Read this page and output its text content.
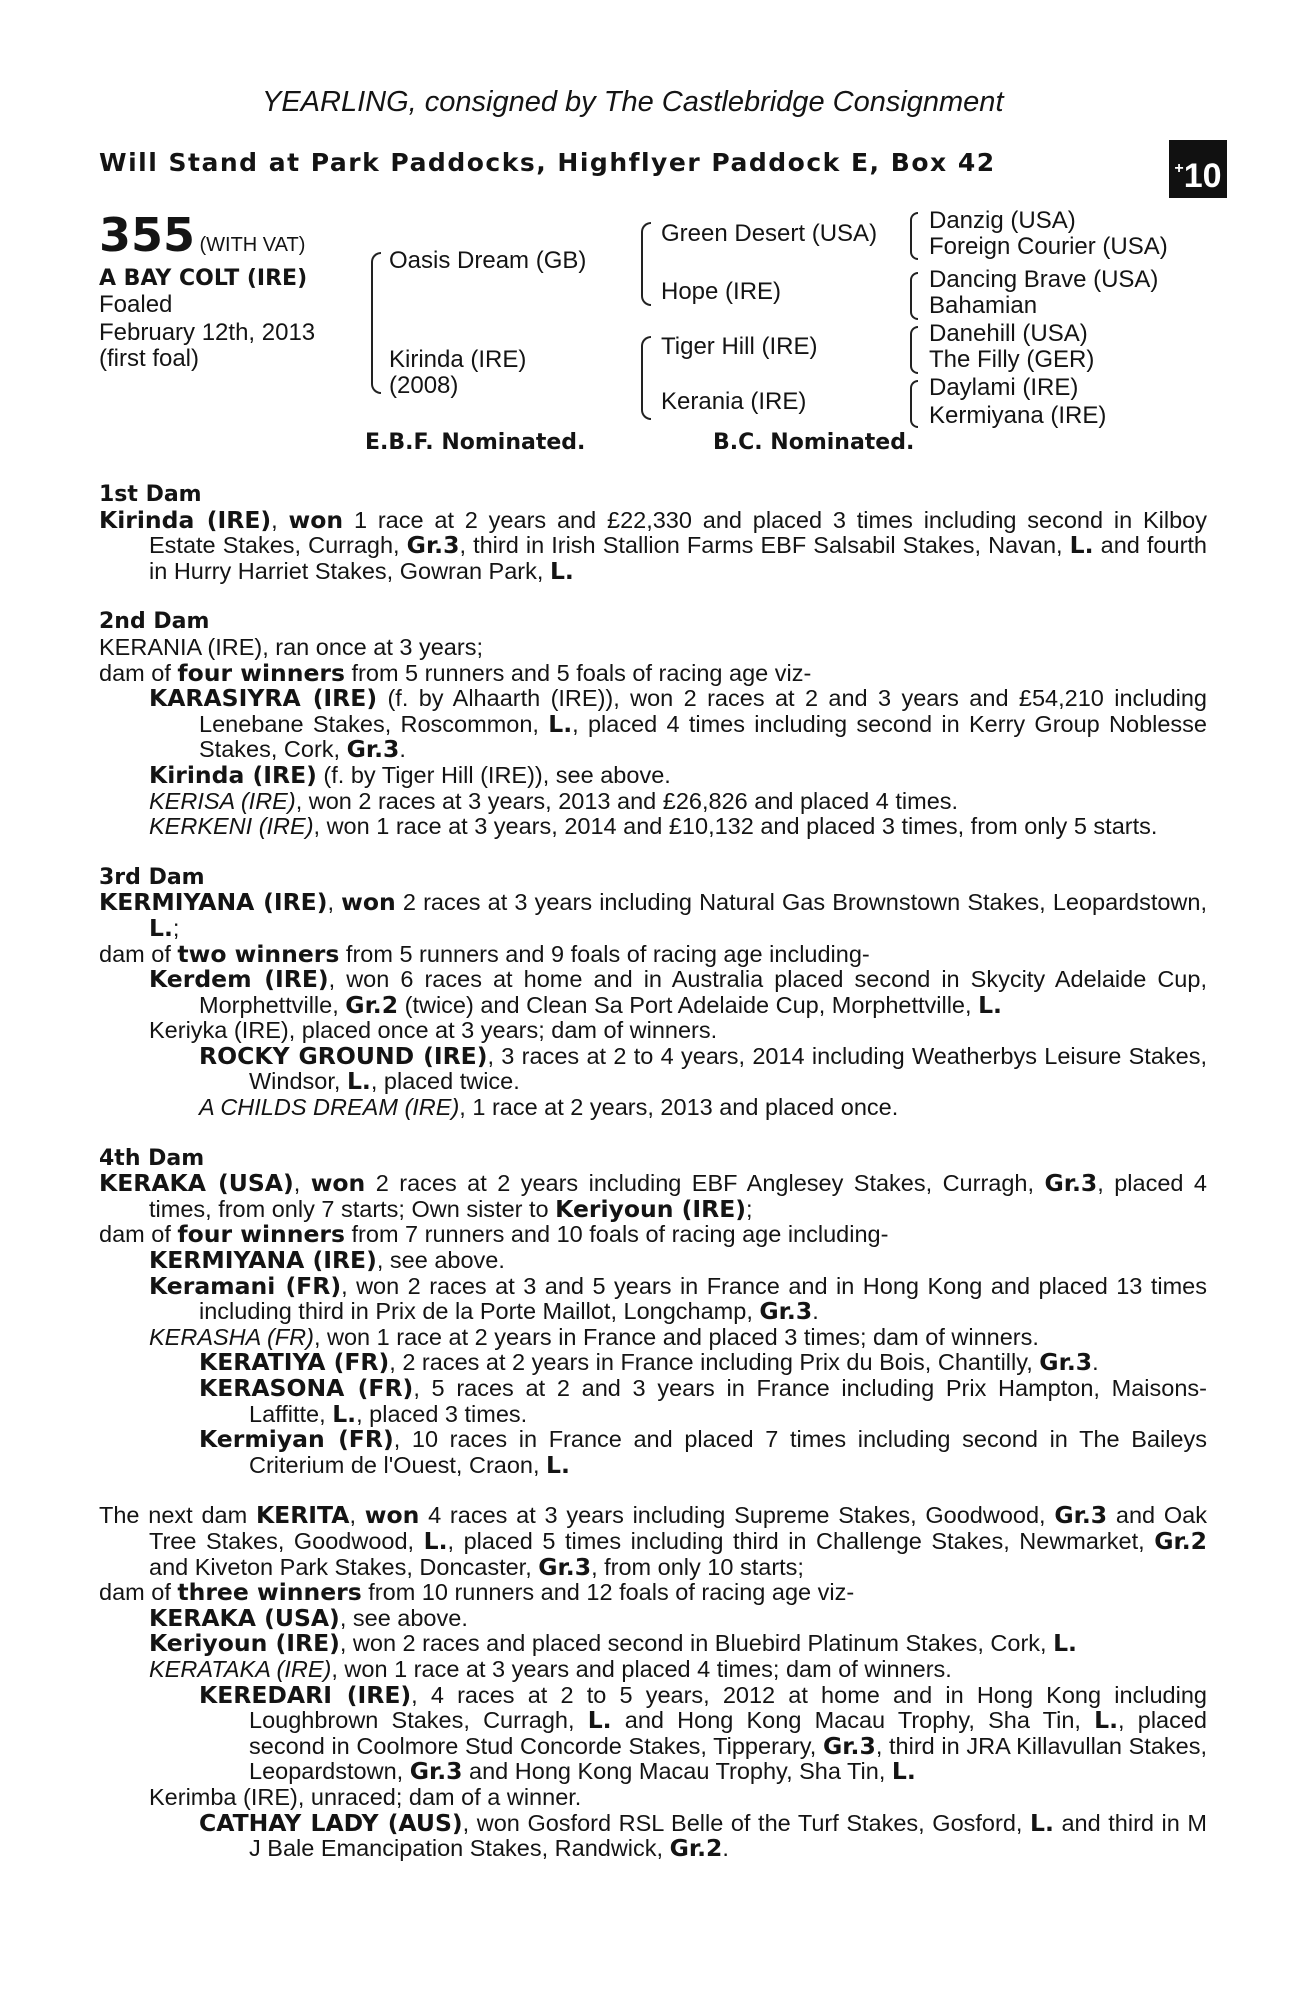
YEARLING, consigned by The Castlebridge Consignment
Will Stand at Park Paddocks, Highflyer Paddock E, Box 42	+10
355 (WITH VAT)
A BAY COLT (IRE)
Foaled
February 12th, 2013
(first foal)
Oasis Dream (GB)
Kirinda (IRE)
(2008)
Green Desert (USA)
Hope (IRE)
Tiger Hill (IRE)
Kerania (IRE)
Danzig (USA)
Foreign Courier (USA)
Dancing Brave (USA)
Bahamian
Danehill (USA)
The Filly (GER)
Daylami (IRE)
Kermiyana (IRE)
E.B.F. Nominated.	B.C. Nominated.

1st Dam

Kirinda (IRE), won 1 race at 2 years and £22,330 and placed 3 times including second in Kilboy Estate Stakes, Curragh, Gr.3, third in Irish Stallion Farms EBF Salsabil Stakes, Navan, L. and fourth in Hurry Harriet Stakes, Gowran Park, L.

2nd Dam

KERANIA (IRE), ran once at 3 years;

dam of four winners from 5 runners and 5 foals of racing age viz-

KARASIYRA (IRE) (f. by Alhaarth (IRE)), won 2 races at 2 and 3 years and £54,210 including Lenebane Stakes, Roscommon, L., placed 4 times including second in Kerry Group Noblesse Stakes, Cork, Gr.3.

Kirinda (IRE) (f. by Tiger Hill (IRE)), see above.

KERISA (IRE), won 2 races at 3 years, 2013 and £26,826 and placed 4 times.

KERKENI (IRE), won 1 race at 3 years, 2014 and £10,132 and placed 3 times, from only 5 starts.

3rd Dam

KERMIYANA (IRE), won 2 races at 3 years including Natural Gas Brownstown Stakes, Leopardstown, L.;

dam of two winners from 5 runners and 9 foals of racing age including-

Kerdem (IRE), won 6 races at home and in Australia placed second in Skycity Adelaide Cup, Morphettville, Gr.2 (twice) and Clean Sa Port Adelaide Cup, Morphettville, L.

Keriyka (IRE), placed once at 3 years; dam of winners.

ROCKY GROUND (IRE), 3 races at 2 to 4 years, 2014 including Weatherbys Leisure Stakes, Windsor, L., placed twice.

A CHILDS DREAM (IRE), 1 race at 2 years, 2013 and placed once.

4th Dam

KERAKA (USA), won 2 races at 2 years including EBF Anglesey Stakes, Curragh, Gr.3, placed 4 times, from only 7 starts; Own sister to Keriyoun (IRE);

dam of four winners from 7 runners and 10 foals of racing age including-

KERMIYANA (IRE), see above.

Keramani (FR), won 2 races at 3 and 5 years in France and in Hong Kong and placed 13 times including third in Prix de la Porte Maillot, Longchamp, Gr.3.

KERASHA (FR), won 1 race at 2 years in France and placed 3 times; dam of winners.

KERATIYA (FR), 2 races at 2 years in France including Prix du Bois, Chantilly, Gr.3.

KERASONA (FR), 5 races at 2 and 3 years in France including Prix Hampton, Maisons-Laffitte, L., placed 3 times.

Kermiyan (FR), 10 races in France and placed 7 times including second in The Baileys Criterium de l'Ouest, Craon, L.

The next dam KERITA, won 4 races at 3 years including Supreme Stakes, Goodwood, Gr.3 and Oak Tree Stakes, Goodwood, L., placed 5 times including third in Challenge Stakes, Newmarket, Gr.2 and Kiveton Park Stakes, Doncaster, Gr.3, from only 10 starts;

dam of three winners from 10 runners and 12 foals of racing age viz-

KERAKA (USA), see above.

Keriyoun (IRE), won 2 races and placed second in Bluebird Platinum Stakes, Cork, L.

KERATAKA (IRE), won 1 race at 3 years and placed 4 times; dam of winners.

KEREDARI (IRE), 4 races at 2 to 5 years, 2012 at home and in Hong Kong including Loughbrown Stakes, Curragh, L. and Hong Kong Macau Trophy, Sha Tin, L., placed second in Coolmore Stud Concorde Stakes, Tipperary, Gr.3, third in JRA Killavullan Stakes, Leopardstown, Gr.3 and Hong Kong Macau Trophy, Sha Tin, L.

Kerimba (IRE), unraced; dam of a winner.

CATHAY LADY (AUS), won Gosford RSL Belle of the Turf Stakes, Gosford, L. and third in M J Bale Emancipation Stakes, Randwick, Gr.2.
